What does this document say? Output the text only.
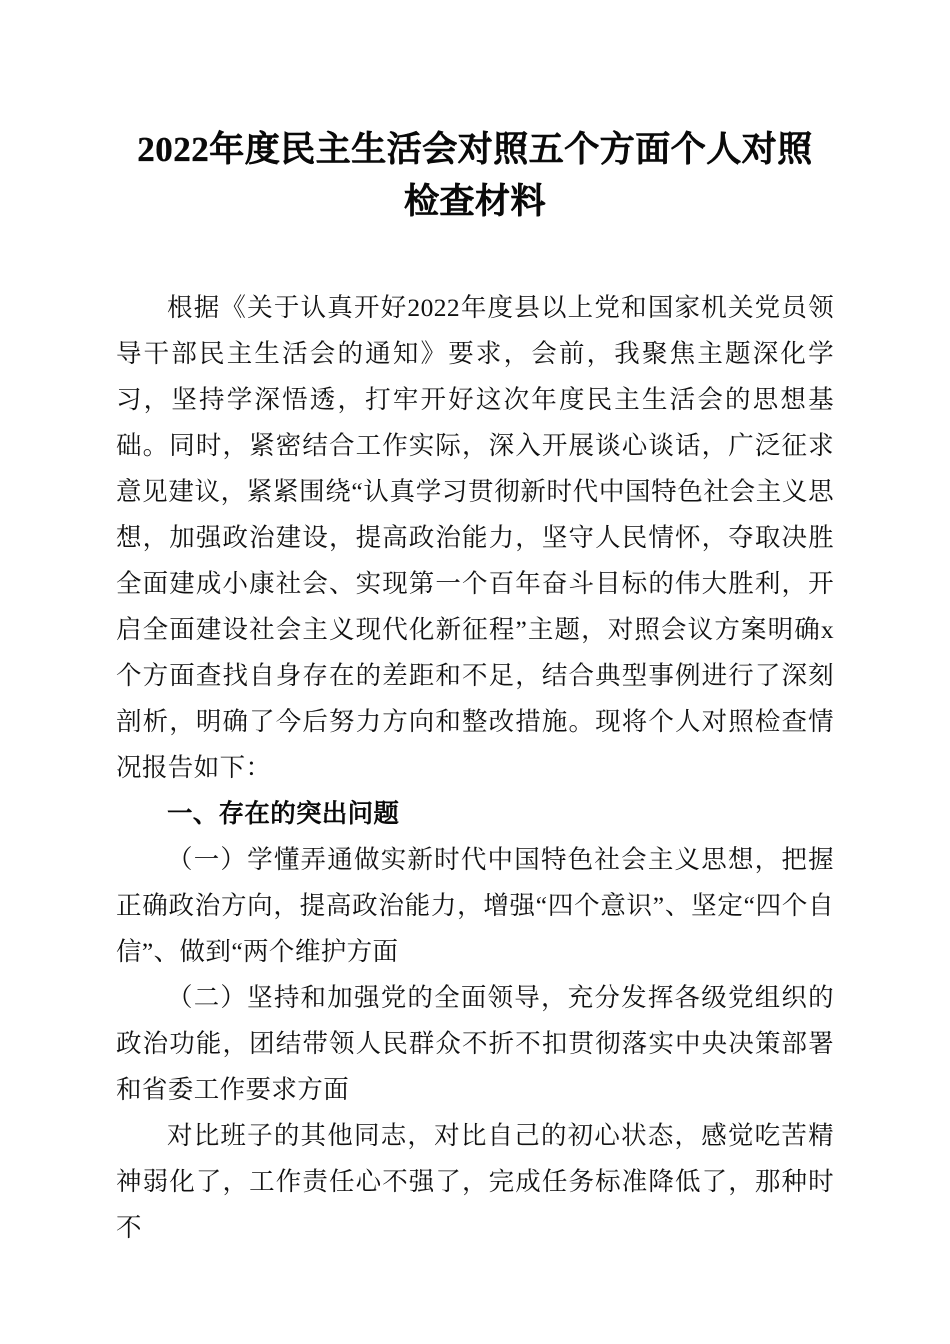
2022年度民主生活会对照五个方面个人对照检查材料

根据《关于认真开好2022年度县以上党和国家机关党员领导干部民主生活会的通知》要求，会前，我聚焦主题深化学习，坚持学深悟透，打牢开好这次年度民主生活会的思想基础。同时，紧密结合工作实际，深入开展谈心谈话，广泛征求意见建议，紧紧围绕“认真学习贯彻新时代中国特色社会主义思想，加强政治建设，提高政治能力，坚守人民情怀，夺取决胜全面建成小康社会、实现第一个百年奋斗目标的伟大胜利，开启全面建设社会主义现代化新征程”主题，对照会议方案明确x个方面查找自身存在的差距和不足，结合典型事例进行了深刻剖析，明确了今后努力方向和整改措施。现将个人对照检查情况报告如下：

一、存在的突出问题

（一）学懂弄通做实新时代中国特色社会主义思想，把握正确政治方向，提高政治能力，增强“四个意识”、坚定“四个自信”、做到“两个维护方面

（二）坚持和加强党的全面领导，充分发挥各级党组织的政治功能，团结带领人民群众不折不扣贯彻落实中央决策部署和省委工作要求方面

对比班子的其他同志，对比自己的初心状态，感觉吃苦精神弱化了，工作责任心不强了，完成任务标准降低了，那种时不
